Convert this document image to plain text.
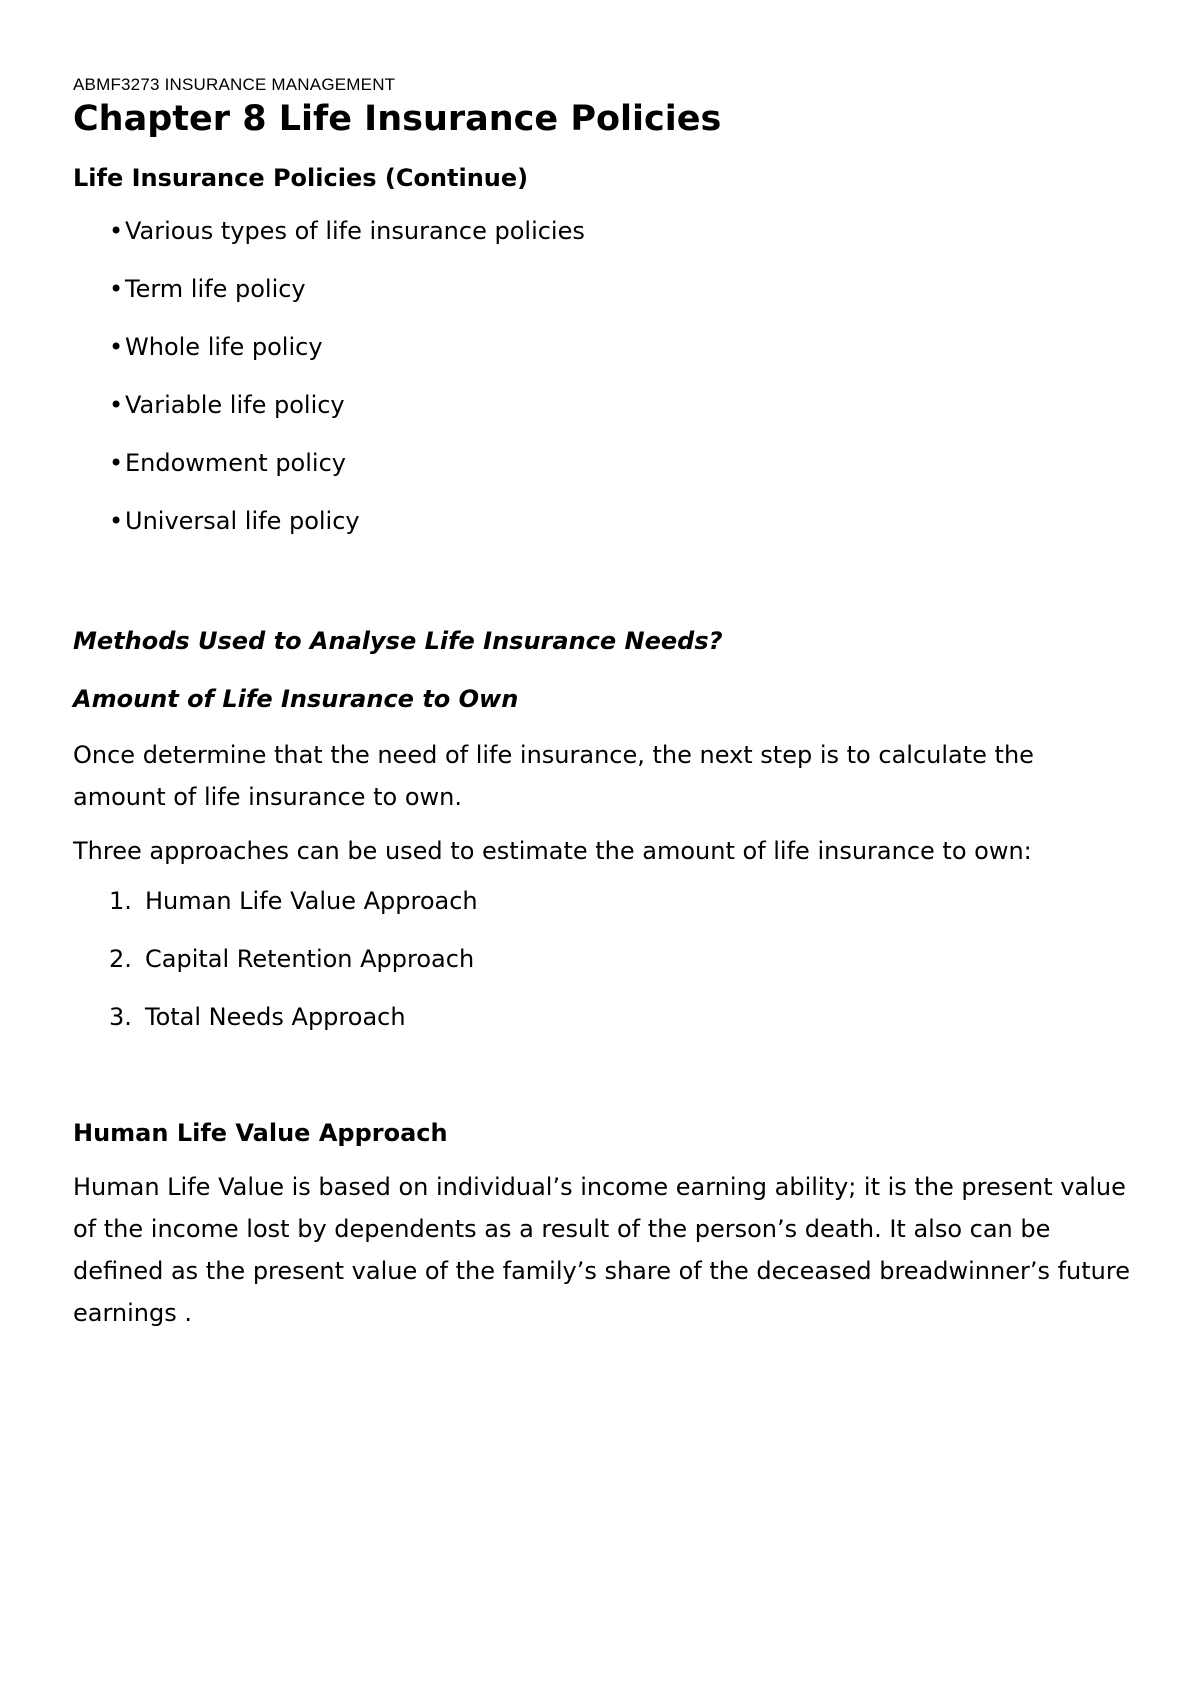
ABMF3273 INSURANCE MANAGEMENT

Chapter 8 Life Insurance Policies
Life Insurance Policies (Continue)
• Various types of life insurance policies
• Term life policy
• Whole life policy
• Variable life policy
• Endowment policy
• Universal life policy
Methods Used to Analyse Life Insurance Needs?
Amount of Life Insurance to Own

Once determine that the need of life insurance, the next step is to calculate the amount of life insurance to own.

Three approaches can be used to estimate the amount of life insurance to own:

1. Human Life Value Approach
2. Capital Retention Approach
3. Total Needs Approach
Human Life Value Approach

Human Life Value is based on individual’s income earning ability; it is the present value of the income lost by dependents as a result of the person’s death. It also can be defined as the present value of the family’s share of the deceased breadwinner’s future earnings .
